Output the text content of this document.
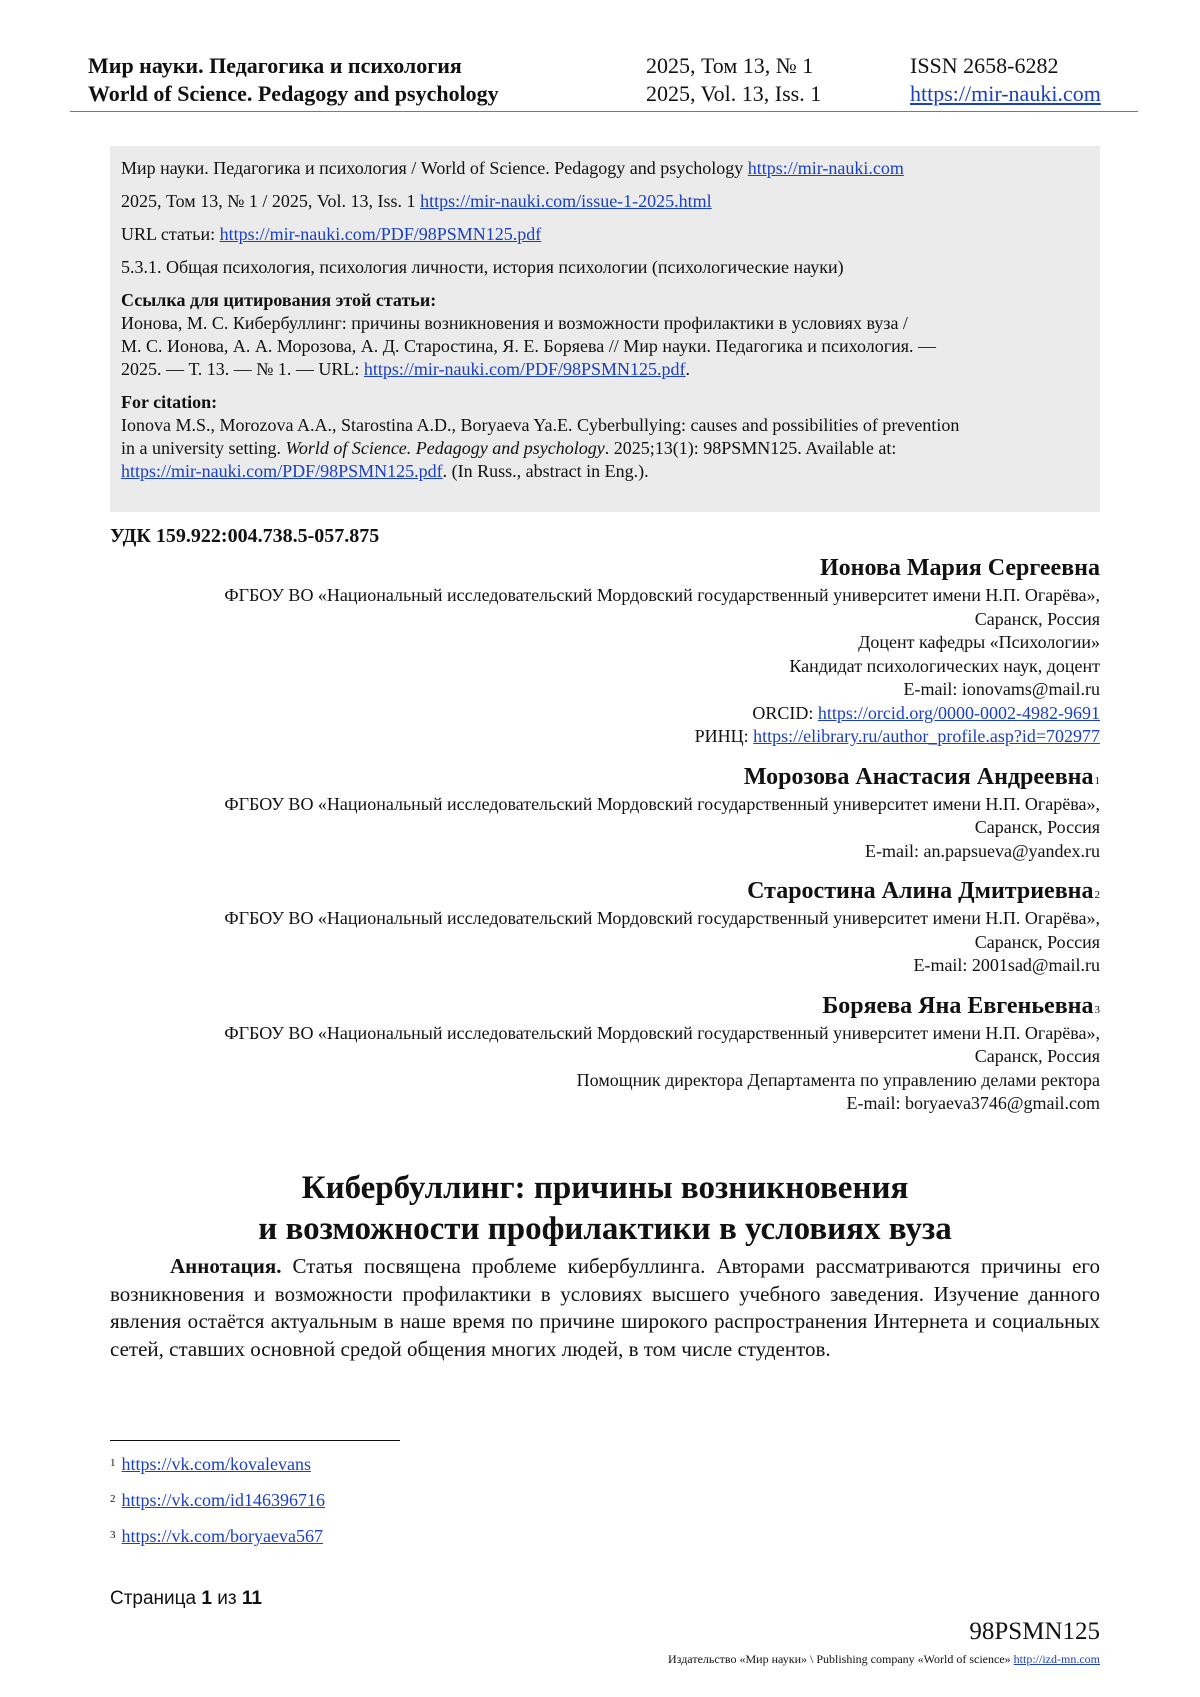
Мир науки. Педагогика и психология
World of Science. Pedagogy and psychology
2025, Том 13, № 1
2025, Vol. 13, Iss. 1
ISSN 2658-6282
https://mir-nauki.com
Мир науки. Педагогика и психология / World of Science. Pedagogy and psychology https://mir-nauki.com
2025, Том 13, № 1 / 2025, Vol. 13, Iss. 1 https://mir-nauki.com/issue-1-2025.html
URL статьи: https://mir-nauki.com/PDF/98PSMN125.pdf
5.3.1. Общая психология, психология личности, история психологии (психологические науки)
Ссылка для цитирования этой статьи:
Ионова, М. С. Кибербуллинг: причины возникновения и возможности профилактики в условиях вуза /
М. С. Ионова, А. А. Морозова, А. Д. Старостина, Я. Е. Боряева // Мир науки. Педагогика и психология. —
2025. — Т. 13. — № 1. — URL: https://mir-nauki.com/PDF/98PSMN125.pdf.
For citation:
Ionova M.S., Morozova A.A., Starostina A.D., Boryaeva Ya.E. Cyberbullying: causes and possibilities of prevention
in a university setting. World of Science. Pedagogy and psychology. 2025;13(1): 98PSMN125. Available at:
https://mir-nauki.com/PDF/98PSMN125.pdf. (In Russ., abstract in Eng.).
УДК 159.922:004.738.5-057.875
Ионова Мария Сергеевна
ФГБОУ ВО «Национальный исследовательский Мордовский государственный университет имени Н.П. Огарёва»,
Саранск, Россия
Доцент кафедры «Психологии»
Кандидат психологических наук, доцент
E-mail: ionovams@mail.ru
ORCID: https://orcid.org/0000-0002-4982-9691
РИНЦ: https://elibrary.ru/author_profile.asp?id=702977
Морозова Анастасия Андреевна$^1$
ФГБОУ ВО «Национальный исследовательский Мордовский государственный университет имени Н.П. Огарёва»,
Саранск, Россия
E-mail: an.papsueva@yandex.ru
Старостина Алина Дмитриевна$^2$
ФГБОУ ВО «Национальный исследовательский Мордовский государственный университет имени Н.П. Огарёва»,
Саранск, Россия
E-mail: 2001sad@mail.ru
Боряева Яна Евгеньевна$^3$
ФГБОУ ВО «Национальный исследовательский Мордовский государственный университет имени Н.П. Огарёва»,
Саранск, Россия
Помощник директора Департамента по управлению делами ректора
E-mail: boryaeva3746@gmail.com
Кибербуллинг: причины возникновения
и возможности профилактики в условиях вуза
Аннотация. Статья посвящена проблеме кибербуллинга. Авторами рассматриваются причины его возникновения и возможности профилактики в условиях высшего учебного заведения. Изучение данного явления остаётся актуальным в наше время по причине широкого распространения Интернета и социальных сетей, ставших основной средой общения многих людей, в том числе студентов.
$^1$ https://vk.com/kovalevans
$^2$ https://vk.com/id146396716
$^3$ https://vk.com/boryaeva567
Страница 1 из 11
98PSMN125
Издательство «Мир науки» \ Publishing company «World of science» http://izd-mn.com
